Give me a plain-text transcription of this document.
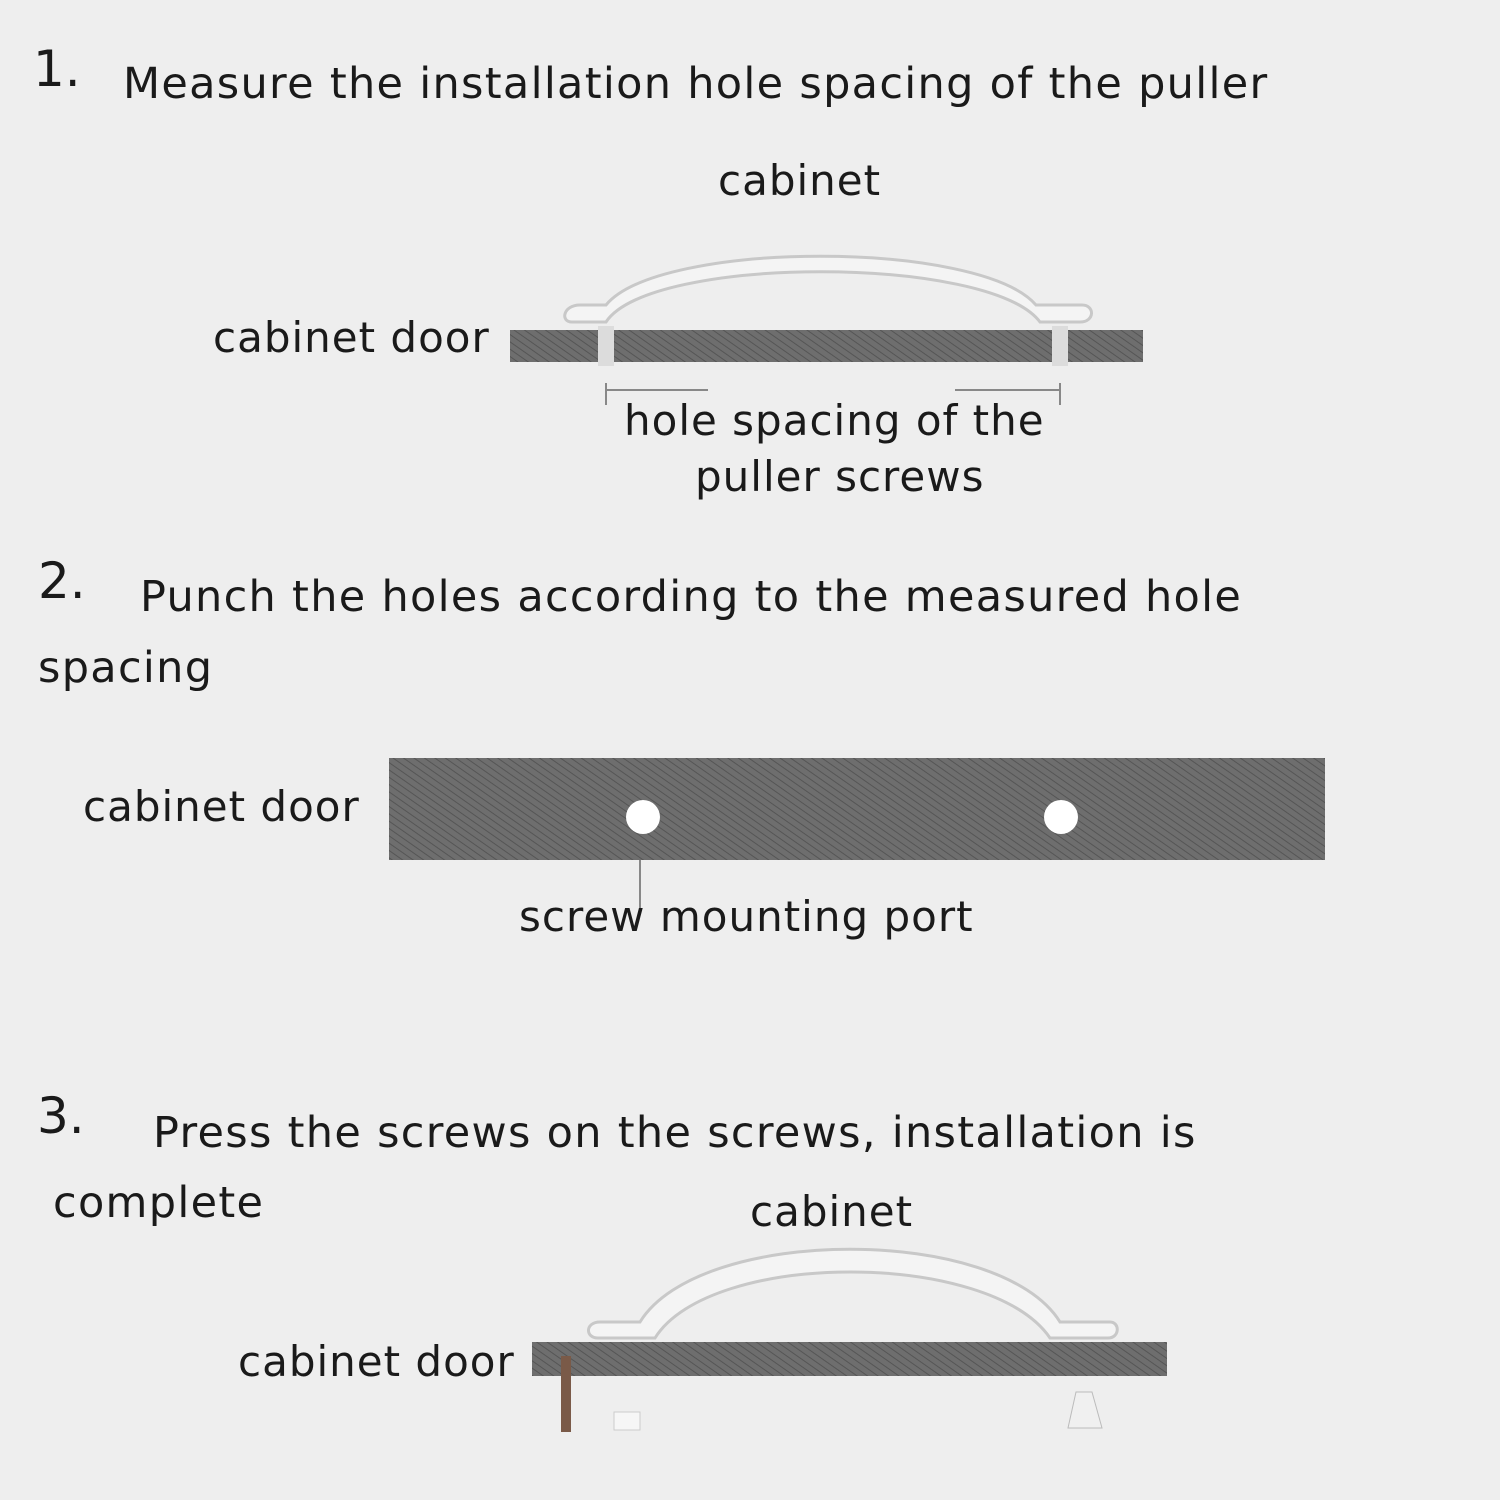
1. Measure the installation hole spacing of the puller
cabinet
cabinet door
hole spacing of the
puller screws
2. Punch the holes according to the measured hole
spacing
cabinet door
screw mounting port
3. Press the screws on the screws, installation is
complete	cabinet
cabinet door
